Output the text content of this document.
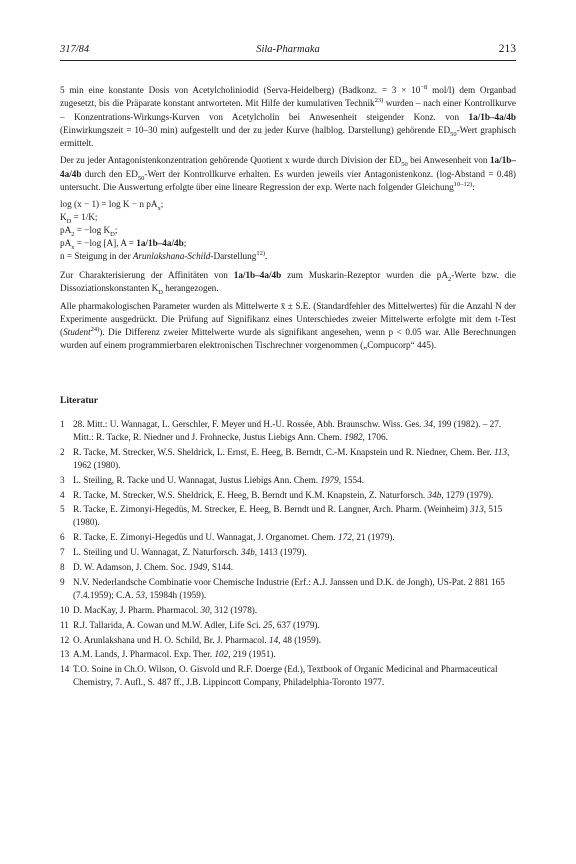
317/84	Sila-Pharmaka	213

5 min eine konstante Dosis von Acetylcholiniodid (Serva-Heidelberg) (Badkonz. = $3 \times 10^{-8}$ mol/l) dem Organbad zugesetzt, bis die Präparate konstant antworteten. Mit Hilfe der kumulativen Technik$^{23)}$ wurden – nach einer Kontrollkurve – Konzentrations-Wirkungs-Kurven von Acetylcholin bei Anwesenheit steigender Konz. von 1a/1b–4a/4b (Einwirkungszeit = 10–30 min) aufgestellt und der zu jeder Kurve (halblog. Darstellung) gehörende $ED_{50}$-Wert graphisch ermittelt.

Der zu jeder Antagonistenkonzentration gehörende Quotient x wurde durch Division der $ED_{50}$ bei Anwesenheit von 1a/1b–4a/4b durch den $ED_{50}$-Wert der Kontrollkurve erhalten. Es wurden jeweils vier Antagonistenkonz. (log-Abstand = 0.48) untersucht. Die Auswertung erfolgte über eine lineare Regression der exp. Werte nach folgender Gleichung$^{10-12)}$:

log (x − 1) = log K − n $pA_x$;
$K_D = 1/K$;
$pA_2 = -\log$ $K_D$;
$pA_x = -\log$ [A], A = 1a/1b–4a/4b;
n = Steigung in der Arunlakshana-Schild-Darstellung$^{12)}$.

Zur Charakterisierung der Affinitäten von 1a/1b–4a/4b zum Muskarin-Rezeptor wurden die $pA_2$-Werte bzw. die Dissoziationskonstanten $K_D$ herangezogen.

Alle pharmakologischen Parameter wurden als Mittelwerte x̄ ± S.E. (Standardfehler des Mittelwertes) für die Anzahl N der Experimente ausgedrückt. Die Prüfung auf Signifikanz eines Unterschiedes zweier Mittelwerte erfolgte mit dem t-Test (Student$^{24)}$). Die Differenz zweier Mittelwerte wurde als signifikant angesehen, wenn p < 0.05 war. Alle Berechnungen wurden auf einem programmierbaren elektronischen Tischrechner vorgenommen („Compucorp“ 445).

Literatur
1 28. Mitt.: U. Wannagat, L. Gerschler, F. Meyer und H.-U. Rossée, Abh. Braunschw. Wiss. Ges. 34, 199 (1982). – 27. Mitt.: R. Tacke, R. Niedner und J. Frohnecke, Justus Liebigs Ann. Chem. 1982, 1706.
2 R. Tacke, M. Strecker, W.S. Sheldrick, L. Ernst, E. Heeg, B. Berndt, C.-M. Knapstein und R. Niedner, Chem. Ber. 113, 1962 (1980).
3 L. Steiling, R. Tacke und U. Wannagat, Justus Liebigs Ann. Chem. 1979, 1554.
4 R. Tacke, M. Strecker, W.S. Sheldrick, E. Heeg, B. Berndt und K.M. Knapstein, Z. Naturforsch. 34b, 1279 (1979).
5 R. Tacke, E. Zimonyi-Hegedüs, M. Strecker, E. Heeg, B. Berndt und R. Langner, Arch. Pharm. (Weinheim) 313, 515 (1980).
6 R. Tacke, E. Zimonyi-Hegedüs und U. Wannagat, J. Organomet. Chem. 172, 21 (1979).
7 L. Steiling und U. Wannagat, Z. Naturforsch. 34b, 1413 (1979).
8 D. W. Adamson, J. Chem. Soc. 1949, S144.
9 N.V. Nederlandsche Combinatie voor Chemische Industrie (Erf.: A.J. Janssen und D.K. de Jongh), US-Pat. 2 881 165 (7.4.1959); C.A. 53, 15984h (1959).
10 D. MacKay, J. Pharm. Pharmacol. 30, 312 (1978).
11 R.J. Tallarida, A. Cowan und M.W. Adler, Life Sci. 25, 637 (1979).
12 O. Arunlakshana und H. O. Schild, Br. J. Pharmacol. 14, 48 (1959).
13 A.M. Lands, J. Pharmacol. Exp. Ther. 102, 219 (1951).
14 T.O. Soine in Ch.O. Wilson, O. Gisvold und R.F. Doerge (Ed.), Textbook of Organic Medicinal and Pharmaceutical Chemistry, 7. Aufl., S. 487 ff., J.B. Lippincott Company, Philadelphia-Toronto 1977.
